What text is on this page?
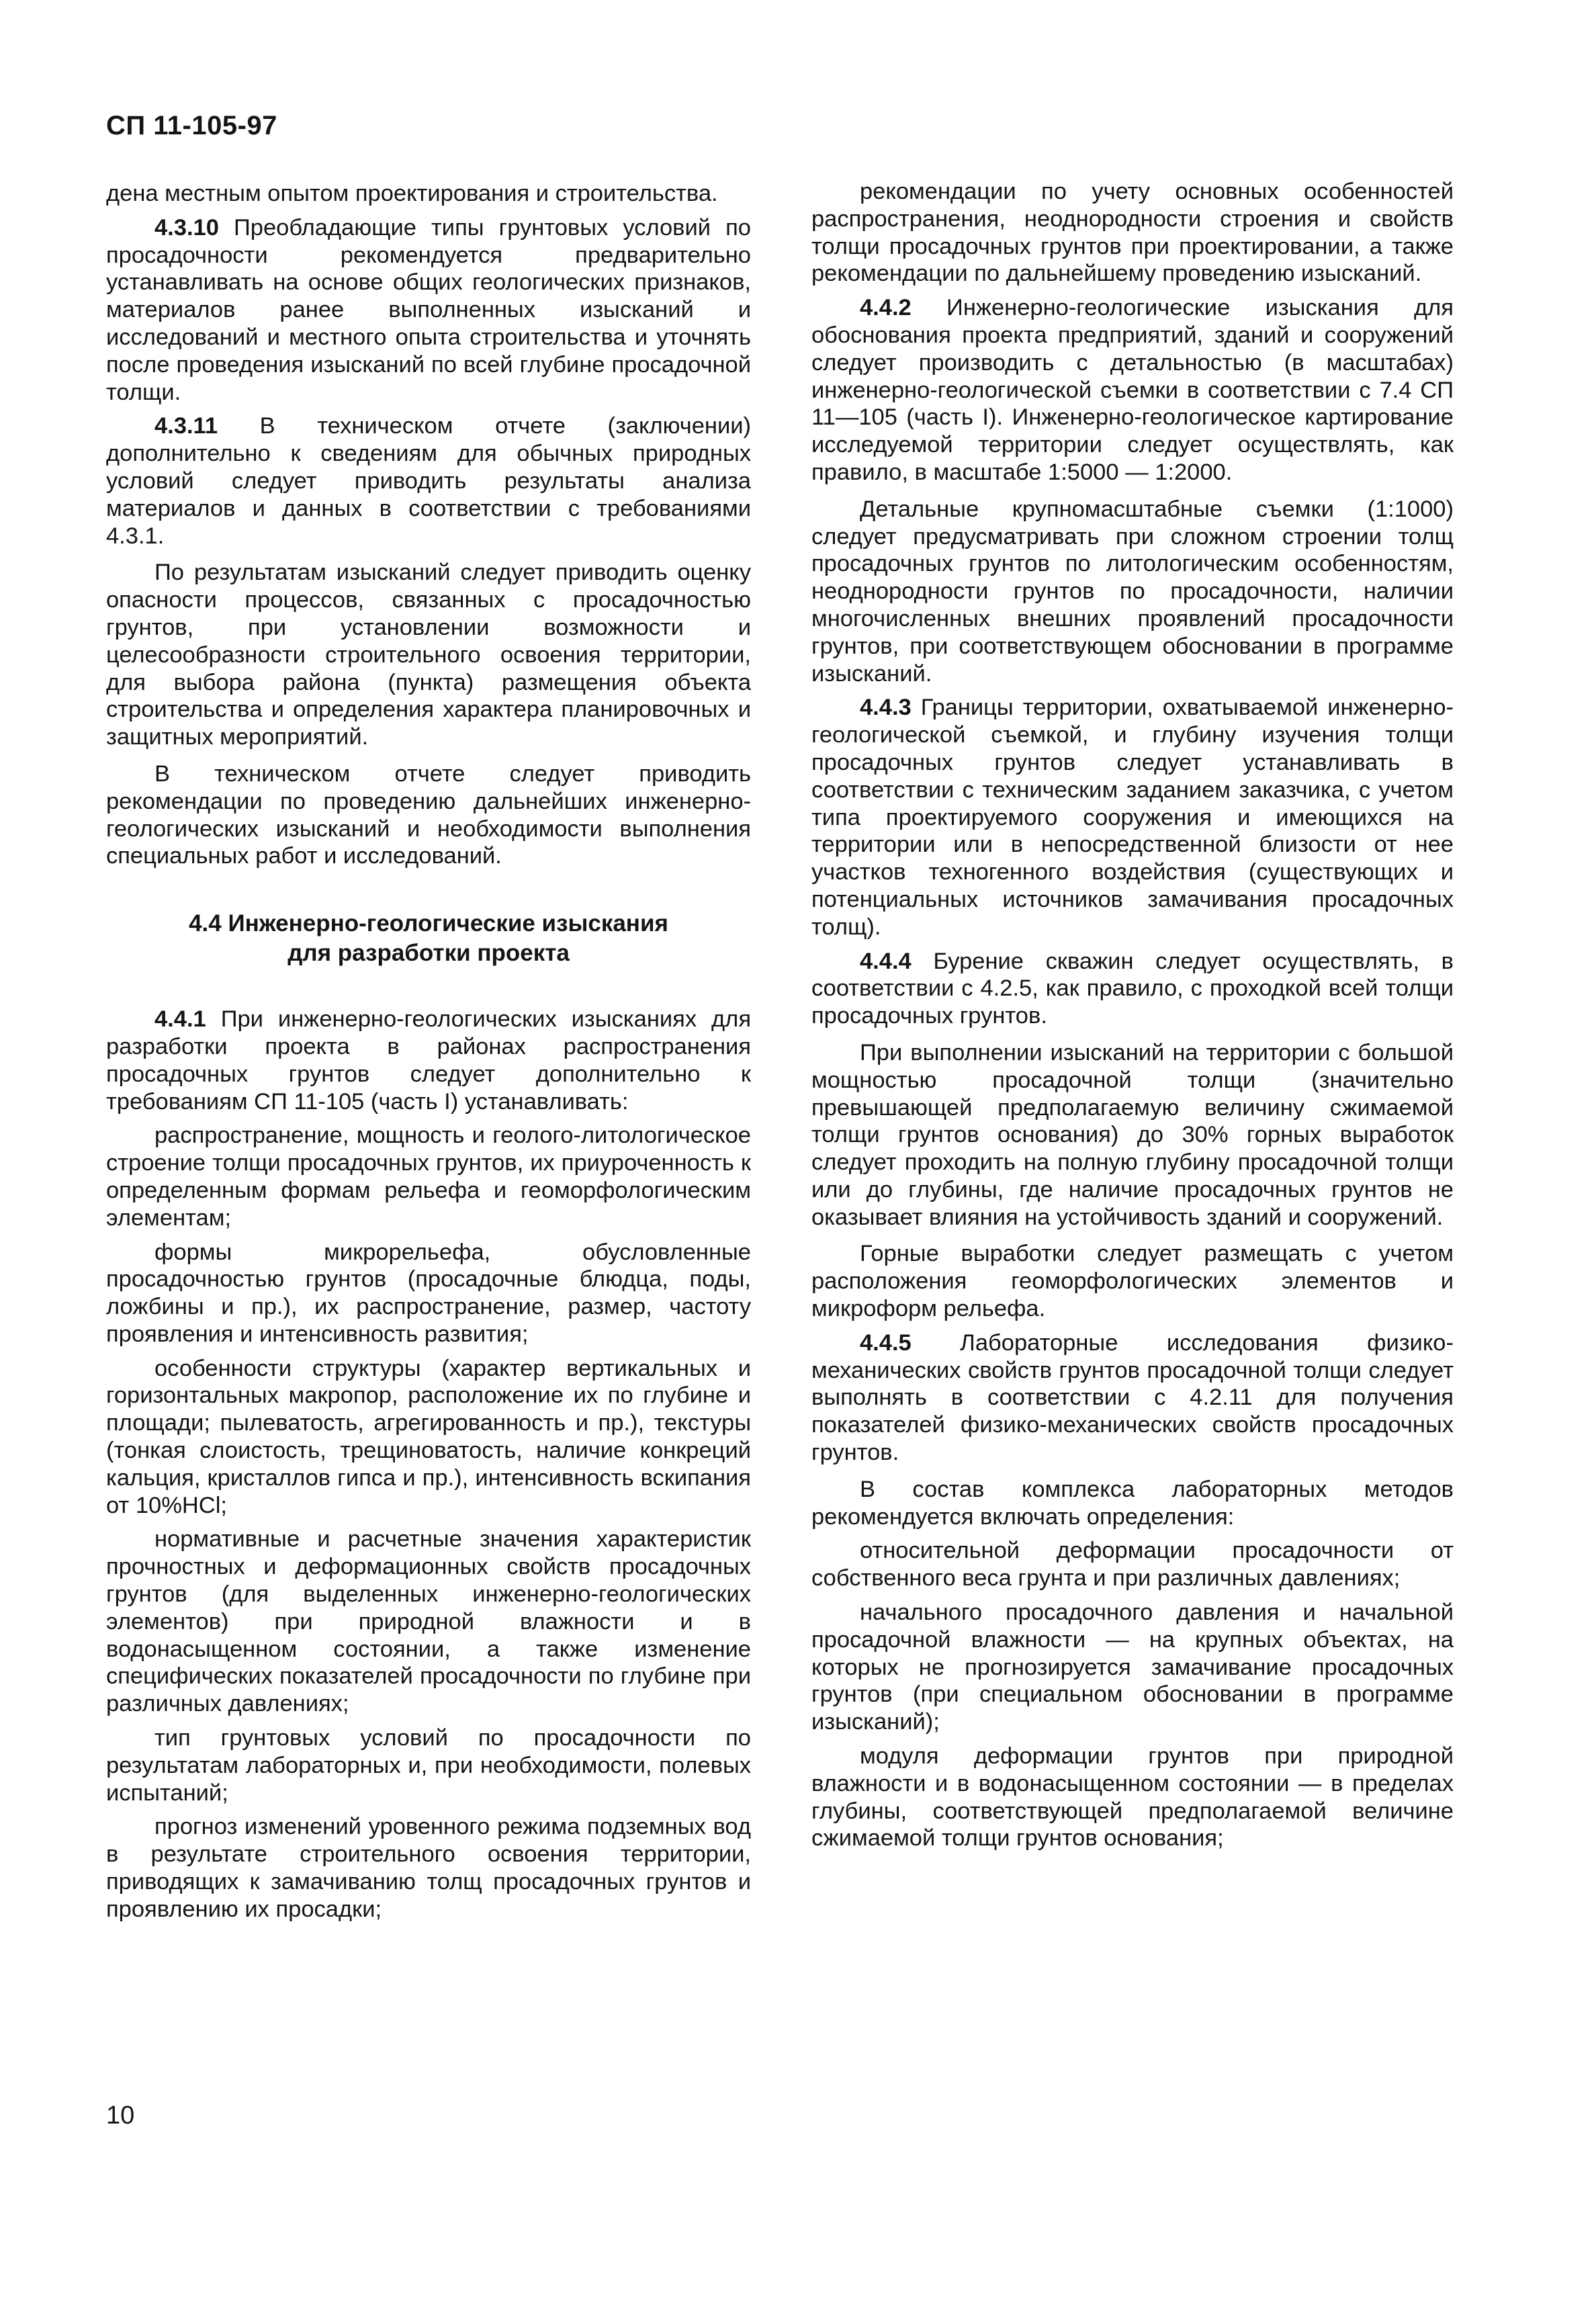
СП 11-105-97

дена местным опытом проектирования и строительства.

4.3.10 Преобладающие типы грунтовых условий по просадочности рекомендуется предварительно устанавливать на основе общих геологических признаков, материалов ранее выполненных изысканий и исследований и местного опыта строительства и уточнять после проведения изысканий по всей глубине просадочной толщи.

4.3.11 В техническом отчете (заключении) дополнительно к сведениям для обычных природных условий следует приводить результаты анализа материалов и данных в соответствии с требованиями 4.3.1.

По результатам изысканий следует приводить оценку опасности процессов, связанных с просадочностью грунтов, при установлении возможности и целесообразности строительного освоения территории, для выбора района (пункта) размещения объекта строительства и определения характера планировочных и защитных мероприятий.

В техническом отчете следует приводить рекомендации по проведению дальнейших инженерно-геологических изысканий и необходимости выполнения специальных работ и исследований.

4.4 Инженерно-геологические изыскания
для разработки проекта

4.4.1 При инженерно-геологических изысканиях для разработки проекта в районах распространения просадочных грунтов следует дополнительно к требованиям СП 11-105 (часть I) устанавливать:

распространение, мощность и геолого-литологическое строение толщи просадочных грунтов, их приуроченность к определенным формам рельефа и геоморфологическим элементам;

формы микрорельефа, обусловленные просадочностью грунтов (просадочные блюдца, поды, ложбины и пр.), их распространение, размер, частоту проявления и интенсивность развития;

особенности структуры (характер вертикальных и горизонтальных макропор, расположение их по глубине и площади; пылеватость, агрегированность и пр.), текстуры (тонкая слоистость, трещиноватость, наличие конкреций кальция, кристаллов гипса и пр.), интенсивность вскипания от 10%HCl;

нормативные и расчетные значения характеристик прочностных и деформационных свойств просадочных грунтов (для выделенных инженерно-геологических элементов) при природной влажности и в водонасыщенном состоянии, а также изменение специфических показателей просадочности по глубине при различных давлениях;

тип грунтовых условий по просадочности по результатам лабораторных и, при необходимости, полевых испытаний;

прогноз изменений уровенного режима подземных вод в результате строительного освоения территории, приводящих к замачиванию толщ просадочных грунтов и проявлению их просадки;

рекомендации по учету основных особенностей распространения, неоднородности строения и свойств толщи просадочных грунтов при проектировании, а также рекомендации по дальнейшему проведению изысканий.

4.4.2 Инженерно-геологические изыскания для обоснования проекта предприятий, зданий и сооружений следует производить с детальностью (в масштабах) инженерно-геологической съемки в соответствии с 7.4 СП 11—105 (часть I). Инженерно-геологическое картирование исследуемой территории следует осуществлять, как правило, в масштабе 1:5000 — 1:2000.

Детальные крупномасштабные съемки (1:1000) следует предусматривать при сложном строении толщ просадочных грунтов по литологическим особенностям, неоднородности грунтов по просадочности, наличии многочисленных внешних проявлений просадочности грунтов, при соответствующем обосновании в программе изысканий.

4.4.3 Границы территории, охватываемой инженерно-геологической съемкой, и глубину изучения толщи просадочных грунтов следует устанавливать в соответствии с техническим заданием заказчика, с учетом типа проектируемого сооружения и имеющихся на территории или в непосредственной близости от нее участков техногенного воздействия (существующих и потенциальных источников замачивания просадочных толщ).

4.4.4 Бурение скважин следует осуществлять, в соответствии с 4.2.5, как правило, с проходкой всей толщи просадочных грунтов.

При выполнении изысканий на территории с большой мощностью просадочной толщи (значительно превышающей предполагаемую величину сжимаемой толщи грунтов основания) до 30% горных выработок следует проходить на полную глубину просадочной толщи или до глубины, где наличие просадочных грунтов не оказывает влияния на устойчивость зданий и сооружений.

Горные выработки следует размещать с учетом расположения геоморфологических элементов и микроформ рельефа.

4.4.5 Лабораторные исследования физико-механических свойств грунтов просадочной толщи следует выполнять в соответствии с 4.2.11 для получения показателей физико-механических свойств просадочных грунтов.

В состав комплекса лабораторных методов рекомендуется включать определения:

относительной деформации просадочности от собственного веса грунта и при различных давлениях;

начального просадочного давления и начальной просадочной влажности — на крупных объектах, на которых не прогнозируется замачивание просадочных грунтов (при специальном обосновании в программе изысканий);

модуля деформации грунтов при природной влажности и в водонасыщенном состоянии — в пределах глубины, соответствующей предполагаемой величине сжимаемой толщи грунтов основания;

10
